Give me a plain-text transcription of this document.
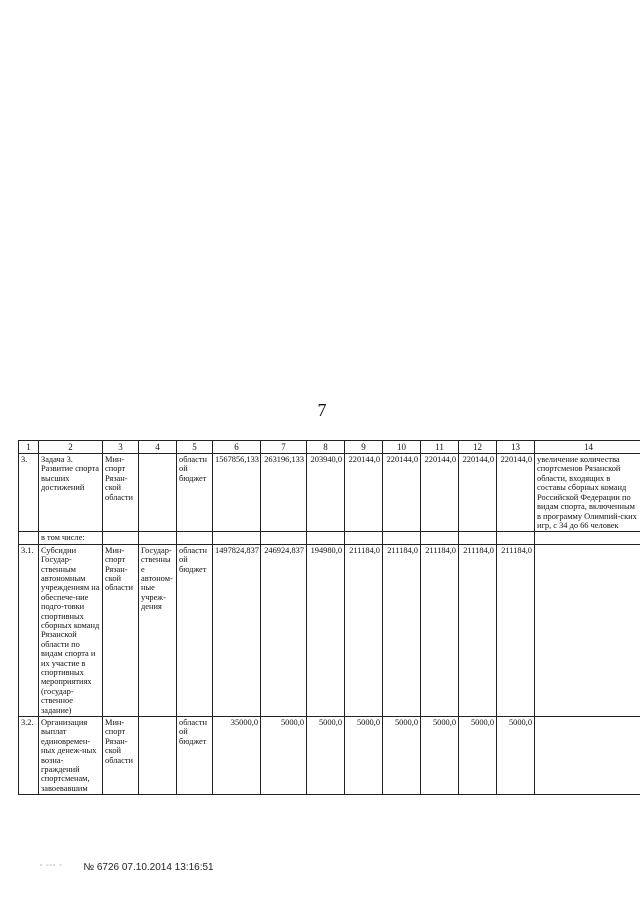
7
1	2	3	4	5	6	7	8	9	10	11	12	13	14
3.	Задача 3. Развитие спорта высших достижений	Мин-спорт Рязан-ской области		областной бюджет	1567856,133	263196,133	203940,0	220144,0	220144,0	220144,0	220144,0	220144,0	увеличение количества спортсменов Рязанской области, входящих в составы сборных команд Российской Федерации по видам спорта, включенным в программу Олимпий-ских игр, с 34 до 66 человек
	в том числе:												
3.1.	Субсидии Государ-ственным автономным учреждениям на обеспече-ние подго-товки спортивных сборных команд Рязанской области по видам спорта и их участие в спортивных мероприятиях (государ-ственное задание)	Мин-спорт Рязан-ской области	Государ-ственные автоном-ные учреж-дения	областной бюджет	1497824,837	246924,837	194980,0	211184,0	211184,0	211184,0	211184,0	211184,0	
3.2.	Организация выплат единовремен-ных денеж-ных возна-граждений спортсменам, завоевавшим	Мин-спорт Рязан-ской области		областной бюджет	35000,0	5000,0	5000,0	5000,0	5000,0	5000,0	5000,0	5000,0	
ˆ ˇˇˇ ˇ № 6726 07.10.2014 13:16:51
